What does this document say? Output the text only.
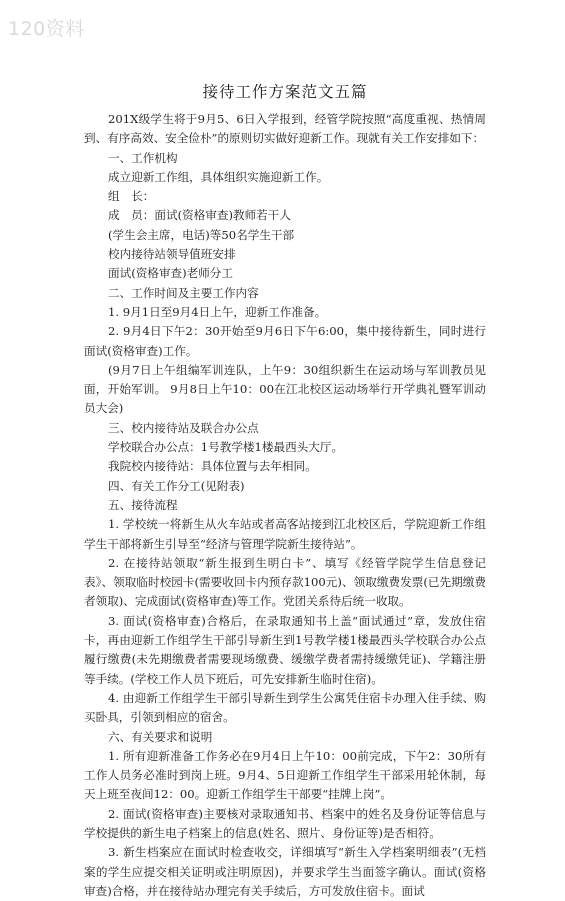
120资料
接待工作方案范文五篇

201X级学生将于9月5、6日入学报到，经管学院按照“高度重视、热情周到、有序高效、安全俭朴”的原则切实做好迎新工作。现就有关工作安排如下：

一、工作机构

成立迎新工作组，具体组织实施迎新工作。

组　长：

成　员：面试(资格审查)教师若干人

(学生会主席，电话)等50名学生干部

校内接待站领导值班安排

面试(资格审查)老师分工

二、工作时间及主要工作内容

1. 9月1日至9月4日上午，迎新工作准备。

2. 9月4日下午2：30开始至9月6日下午6:00，集中接待新生，同时进行面试(资格审查)工作。

(9月7日上午组编军训连队，上午9：30组织新生在运动场与军训教员见面，开始军训。 9月8日上午10：00在江北校区运动场举行开学典礼暨军训动员大会)

三、校内接待站及联合办公点

学校联合办公点：1号教学楼1楼最西头大厅。

我院校内接待站：具体位置与去年相同。

四、有关工作分工(见附表)

五、接待流程

1. 学校统一将新生从火车站或者高客站接到江北校区后，学院迎新工作组学生干部将新生引导至“经济与管理学院新生接待站”。

2. 在接待站领取“新生报到生明白卡”、填写《经管学院学生信息登记表》、领取临时校园卡(需要收回卡内预存款100元)、领取缴费发票(已先期缴费者领取)、完成面试(资格审查)等工作。党团关系待后统一收取。

3. 面试(资格审查)合格后，在录取通知书上盖“面试通过”章，发放住宿卡，再由迎新工作组学生干部引导新生到1号教学楼1楼最西头学校联合办公点履行缴费(未先期缴费者需要现场缴费、缓缴学费者需持缓缴凭证)、学籍注册等手续。(学校工作人员下班后，可先安排新生临时住宿)。

4. 由迎新工作组学生干部引导新生到学生公寓凭住宿卡办理入住手续、购买卧具，引领到相应的宿舍。

六、有关要求和说明

1. 所有迎新准备工作务必在9月4日上午10：00前完成，下午2：30所有工作人员务必准时到岗上班。9月4、5日迎新工作组学生干部采用轮休制，每天上班至夜间12：00。迎新工作组学生干部要“挂牌上岗”。

2. 面试(资格审查)主要核对录取通知书、档案中的姓名及身份证等信息与学校提供的新生电子档案上的信息(姓名、照片、身份证等)是否相符。

3. 新生档案应在面试时检查收交，详细填写“新生入学档案明细表”(无档案的学生应提交相关证明或注明原因)，并要求学生当面签字确认。面试(资格审查)合格，并在接待站办理完有关手续后，方可发放住宿卡。面试
